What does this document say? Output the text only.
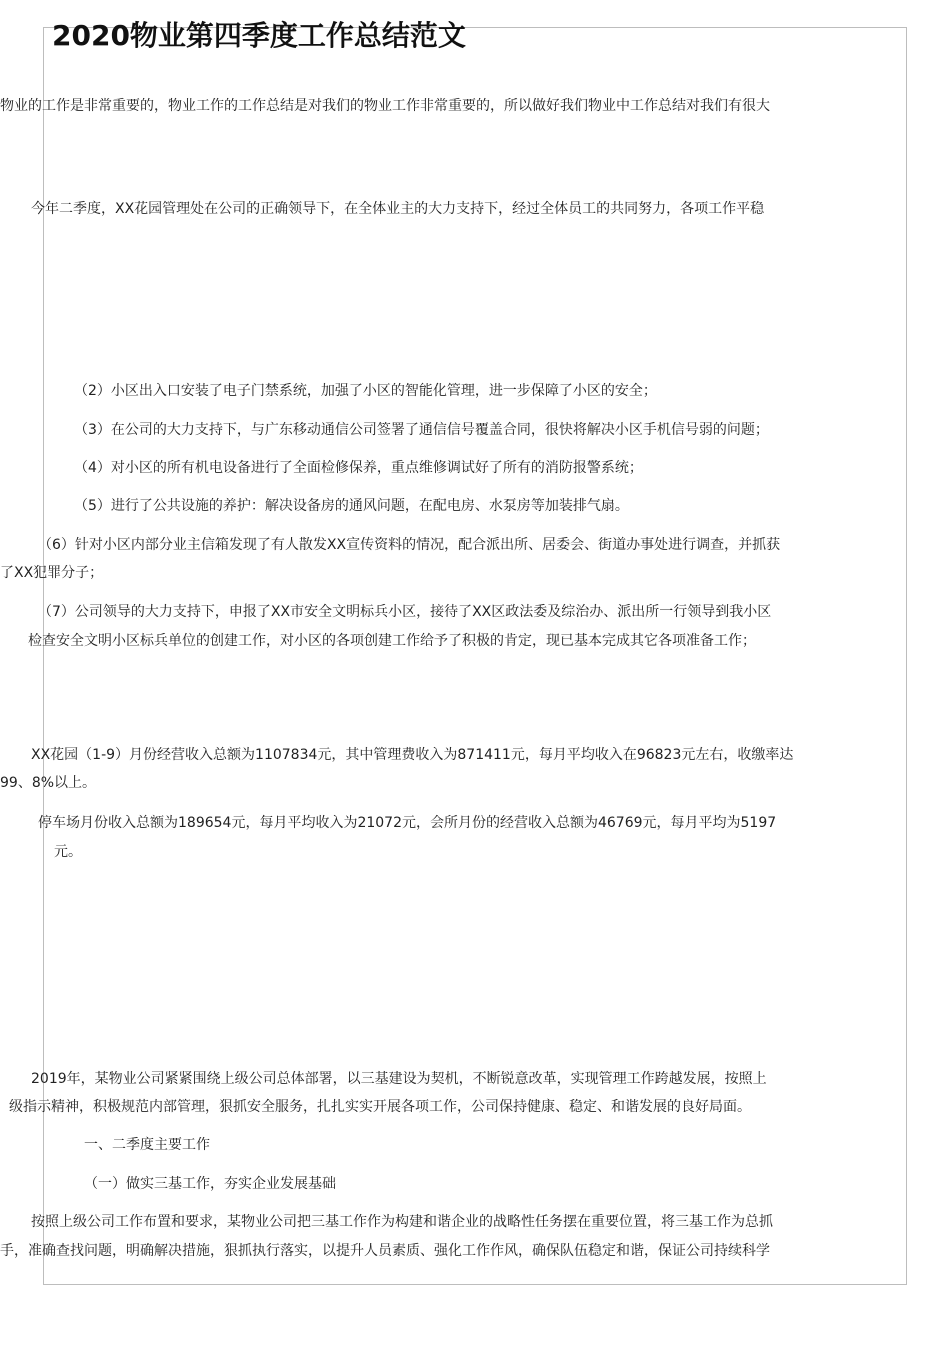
2020物业第四季度工作总结范文
物业的工作是非常重要的，物业工作的工作总结是对我们的物业工作非常重要的，所以做好我们物业中工作总结对我们有很大
今年二季度，XX花园管理处在公司的正确领导下，在全体业主的大力支持下，经过全体员工的共同努力，各项工作平稳
（2）小区出入口安装了电子门禁系统，加强了小区的智能化管理，进一步保障了小区的安全；
（3）在公司的大力支持下，与广东移动通信公司签署了通信信号覆盖合同，很快将解决小区手机信号弱的问题；
（4）对小区的所有机电设备进行了全面检修保养，重点维修调试好了所有的消防报警系统；
（5）进行了公共设施的养护：解决设备房的通风问题，在配电房、水泵房等加装排气扇。
（6）针对小区内部分业主信箱发现了有人散发XX宣传资料的情况，配合派出所、居委会、街道办事处进行调查，并抓获
了XX犯罪分子；
（7）公司领导的大力支持下，申报了XX市安全文明标兵小区，接待了XX区政法委及综治办、派出所一行领导到我小区
检查安全文明小区标兵单位的创建工作，对小区的各项创建工作给予了积极的肯定，现已基本完成其它各项准备工作；
XX花园（1-9）月份经营收入总额为1107834元，其中管理费收入为871411元，每月平均收入在96823元左右，收缴率达
99、8%以上。
停车场月份收入总额为189654元，每月平均收入为21072元，会所月份的经营收入总额为46769元，每月平均为5197
元。
2019年，某物业公司紧紧围绕上级公司总体部署，以三基建设为契机，不断锐意改革，实现管理工作跨越发展，按照上
级指示精神，积极规范内部管理，狠抓安全服务，扎扎实实开展各项工作，公司保持健康、稳定、和谐发展的良好局面。
一、二季度主要工作
（一）做实三基工作，夯实企业发展基础
按照上级公司工作布置和要求，某物业公司把三基工作作为构建和谐企业的战略性任务摆在重要位置，将三基工作为总抓
手，准确查找问题，明确解决措施，狠抓执行落实，以提升人员素质、强化工作作风，确保队伍稳定和谐，保证公司持续科学
